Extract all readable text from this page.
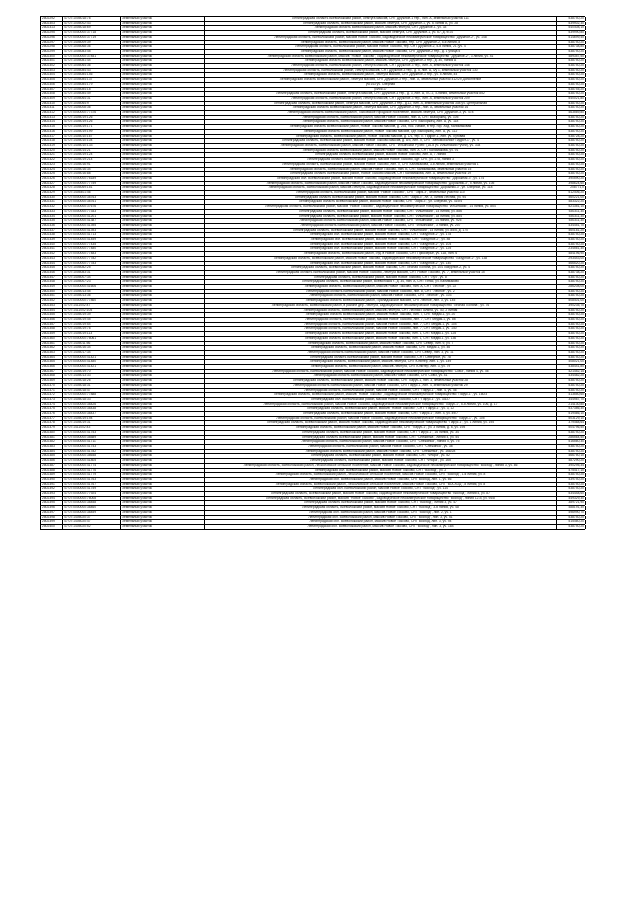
2802292	47:07:1005018:78	Земельный участок	Ленинградская область Всеволожский район, Лемтуга массив, СНТ Дружное-1 тер., лин. А, земельный участок 111	538740,20
2802303	47:07:1005002:43	Земельный участок	Ленинградская область, Всеволожский район, массив Лемтуга, СНТ Дружное-1, уч. 6 Линия A, уч. 28	539902,30
2802313	47:07:1005018:69	Земельный участок	Ленинградская область Всеволожский район, массив Лемтуга, СНТ Дружное-1, уч. 33	540408,10
2802295	47:07:0000000:37718	Земельный участок	Ленинградская область, Всеволожский район, массив Лемтуга, СНТ Дружное-1, уч. 67, д. 9/14	539990,80
2802296	47:07:0000000:37719	Земельный участок	Ленинградская область, Всеволожский район, массив Новое Токсово, садоводческое некоммерческое товарищество "Дружное-2", уч. 148	514699,40
2802297	47:07:1405009:39	Земельный участок	Ленинградская область, Всеволожский район, массив Новое Токсово, тер. СНТ Дружное-2, 5-я линия, 8	538740,20
2802298	47:07:1005068:36	Земельный участок	Ленинградская область, Всеволожский район, массив Новое Токсово, тер. СНТ Дружное-2, 5-я линия, 21 (уч. 4	538738,80
2802299	47:07:1005083:45	Земельный участок	Ленинградская область, Всеволожский район, массив Новое Токсово, СНТ Дружное-2 тер., д. 1 улица 5	538740,20
2802300	47:07:0000000:37841	Земельный участок	Ленинградская область Всеволожский район, массив "Новое Токсово", садоводческое некоммерческое товарищество "Дружное-2", 3 линия, уч. 41	489357,50
2802301	47:07:1005081:44	Земельный участок	Ленинградская область Всеволожский район, массив Лемтуга, СНТ Дружное-3 тер., д. 30, линия А	538740,20
2802302	47:07:1005064:36	Земельный участок	Ленинградская область, Всеволожский район, Лемтуга массив, СНТ Дружное-3 тер., лин. А, земельный участок 148	538740,20
2802303	47:07:1005084:43	Земельный участок	Ленинградская область, Всеволожский район, Лемтуга массив, СНТ Дружное-3 тер., д. 5, лин. А, з/у 1, земельный участок 130	538740,20
2802304	47:07:1005084:146	Земельный участок	Ленинградская область, Всеволожский район, Лемтуга массив, СНТ Дружное-3 тер., уч. 5 линия, 44	538740,20
2802305	47:07:1005084:137	Земельный участок	Ленинградская область Всеволожский район, Лемтуга массив, СНТ Дружное-3 тер., лин. А, земельный участок 412/29 Дополнение	538740,20
2802306	47:07:1005084:179	Земельный участок	уч/143 уч. Озерная	538740,20
2802307	47:07:1005084:18	Земельный участок	уч/94/17	538745,20
2802308	47:07:1005084:49	Земельный участок	Ленинградская область, Всеволожский район, Лемтуга массив, СНТ Дружное-3 тер., д. 3, лин. А, ПС 2, з-линия, земельный участок 852	538740,20
2802309	47:07:1005064:31	Земельный участок	Ленинградская область, Всеволожский район, Лемтуга массив, СНТ Дружное-3 тер., лин. А, земельный участок 209	540021,80
2802310	47:07:1005064:9	Земельный участок	Ленинградская область, Всеволожский район, Лемтуга массив, СНТ Дружное-3 тер., д.12, лин. А, земельный участок 308 уч. Центральная	538740,20
2802311	47:07:1405008:36	Земельный участок	Ленинградская область Всеволожский район, Лемтуга массив, СНТ Дружное-3 тер., лин. А, земельный участок 16	538740,20
2802312	47:07:0000000:77376	Земельный участок	Ленинградская область Всеволожский район, Токсовское городское поселение, массив Лемтуга, СНТ Дружное-3, уч. 478	463569,80
2802313	47:07:1405019:126	Земельный участок	Ленинградская область, Всеволожский район, массив Новое Токсово, лин. А, СНТ Выборжец, уч. 105	538740,20
2802314	47:07:1405019:126	Земельный участок	Ленинградская область, Всеволожский район, массив Новое Токсово, СНТ Выборжец, лин. А, уч. 118	538740,20
2802315	47:07:1405019:171	Земельный участок	Ленинградская область Всеволожский район, Новое Токсово массив, д. 254, пос. Ламин, в тер. гор. Ход. Калимаковая	538740,20
2802316	47:07:1405019:199	Земельный участок	Ленинградская область Всеволожский район, Новое Токсово массив, сдт. Выборжец, лин. А, уч. 112	538740,20
2802317	47:07:1405010:167	Земельный участок	Ленинградская область, Всеволожский район, Новое Токсово массив, д. 1/1, тер. Л. Гидрот-1, лин. уч. Луговая	538728,20
2802318	47:07:1405010:104	Земельный участок	Ленинградская область, Всеволожский район, массив Новое Токсово массив, д. 8/4, лин. Л, СНТ "Автомобилист Гидрот-1", уч. 4	538740,20
2802319	47:07:1405010:133	Земельный участок	Ленинградская область, Всеволожский район, массив Новое Токсово, СНТ "Ильинский Ручей" (16-я уч. Ильинский Ручей), уч. 334	538740,20
2802320	47:07:1405014:21	Земельный участок	Ленинградская область Всеволожский район, массив Новое Токсово, лин. А, СНТ Калимакова, уч. 91	538740,20
2802321	47:07:1405019:124	Земельный участок	Ленинградская область Всеволожский район, массив Новое Токсово, лин. А, 7 Линия	538740,20
2802322	47:07:1405019:214	Земельный участок	Ленинградская область Всеволожский район, массив Новое Токсово, сдт. СНТ, уч. 278, линия 3	538740,20
2802323	47:07:1405016:91	Земельный участок	Ленинградская область, Всеволожский район, массив Новое Токсово, лин. Л, СНТ Калимакова, 3-я линия, земельный участок 1	538740,20
2802324	47:07:1405016:34	Земельный участок	Ленинградская область, Всеволожский район, массив Новое Токсово, лин. В, СНТ Калимакова, земельный участок 15	538740,20
2802325	47:07:1405016:88	Земельный участок	Ленинградская область Всеволожский район, Новое Токсово массив, СНТ Калимакова, лин. А, земельный участок 19	538740,20
2802326	47:07:0000000:78189	Земельный участок	Ленинградская обл. Всеволожский район, массив Новое Токсово, садоводческое некоммерческое товарищество "Дорожник-3", уч. 174	390590,20
2802327	47:07:0000000:77759	Земельный участок	Ленинградская область, Всеволожский район, массив Новое Токсово, садоводческое некоммерческое товарищество "Дорожник-3", 5 линия, уч. 105	398624,60
2802328	47:07:1005069:151	Земельный участок	Ленинградская область, Всеволожский район, массив Лемтуга, садоводческое некоммерческое товарищество "Дорожник-3", ул. Озерной, уч. 118	208771,0
2802329	47:07:1405401:46	Земельный участок	Ленинградская область, Всеволожский район, массив "Новое Токсово", СНТ "Заря-3", земельный участок 110	512406,20
2802330	47:07:0000000:38763	Земельный участок	Ленинградская область Всеволожский район, массив Новое Токсово, СНТ "Заря-3", лл. 3, Линия Лесная, уч. 94	460221,00
2802331	47:07:0000000:38761	Земельный участок	Ленинградская область Всеволожский район, массив Новое Токсово, СНТ "Заря-3", ул. Озерная, уч. 419/4	483322,20
2802332	47:07:0000000:37676	Земельный участок	Ленинградская область, Всеволожский район, массив "Новое Токсово", садоводческое некоммерческое товарищество "Ильинский", 14 линия, уч. 854	521351,10
2802333	47:07:0000000:77343	Земельный участок	Ленинградская область, Всеволожский район, массив Новое Токсово, СНТ "Ильинский", 14 линия, уч. 886	530311,30
2802334	47:07:0000000:41201	Земельный участок	Ленинградская область, Всеволожский район, массив Новое Токсово, СНТ "Ильинский", 18 линия, уч. 884	530311,30
2802335	47:07:0000000:41387	Земельный участок	Ленинградская область Всеволожский район, массив Новое Токсово, СНТ "Ильинский", 14 линия, уч. 925	530311,30
2802336	47:07:0000000:41395	Земельный участок	Ленинградская область Всеволожский район, массив Новое Токсово, СНТ "Ильинский", 3 линия, уч. 207	434451,70
2802337	47:07:0000000:41393	Земельный участок	Ленинградская область, Всеволожский район, массив Новое Токсово, СНТ "Ильинский", 14 линия, уч. 85/5, д. 170	460181,20
2802338	47:07:0000000:41713	Земельный участок	Ленинградская обл. Всеволожский район, массив Новое Токсово, СНТ "Лазурное-2", уч. 178	538740,20
2802339	47:07:0000000:41459	Земельный участок	Ленинградская обл. Всеволожский район, массив Новое Токсово, СНТ "Лазурное-2", уч. 85	538740,20
2802340	47:07:0000000:77435	Земельный участок	Ленинградская обл. Всеволожский район, массив Новое Токсово, СНТ "Лазурное-2", уч. 104	538740,20
2802341	47:07:0000000:77480	Земельный участок	Ленинградская обл. Всеволожский район, массив Новое Токсово, СНТ "Лазурное-2", уч. 125	234561,30
2802342	47:07:0000000:77483	Земельный участок	Ленинградская область, Всеволожский район, отд. в Новое Токсово, СНТ Приозерье, уч. 118, лин. 6	484196,90
2802343	47:07:0000000:77782	Земельный участок	Ленинградская область, Всеволожский район, массив Новое Токсово, садоводческое некоммерческое товарищество "Лазурное-2", уч. 138	293443,00
2802344	47:07:0000000:77783	Земельный участок	Ленинградская обл. Всеволожский район, массив Новое Токсово, СНТ "Лазурное-2", уч. 140	466520,20
2802345	47:07:1005082:25	Земельный участок	Ленинградская область, Всеволожский район, массив Новое Токсово, СНТ Лесная Поляна, уч. 104 Лазурное-2, уч. 4	538740,20
2802346	47:07:1005083:31	Земельный участок	Ленинградская область Всеволожский район, массив Новое Токсово, Лемтуга массив, СНТ Новое Токсово, уч. 7, земельный участок 15	538738,20
2802347	47:07:1405007:34	Земельный участок	Ленинградская область, Всеволожский район, массив Новое Токсово, СНТ "Луч", уч. 8	538740,20
2802348	47:07:1405007:23	Земельный участок	Ленинградская область, Всеволожский район, Всеволожск г., д. 34, лин. A, СНТ Гитас, уч. Калимаково	538740,20
2802349	47:07:0000000:41606	Земельный участок	Ленинградская область, Всеволожский район, массив Новое Токсово, лин. A, СНТ "Лесное", уч. 22	286208,00
2802350	47:07:1405013:45	Земельный участок	Ленинградская область Всеволожский район, массив Новое Токсово, лин. 8, СНТ "Лесное", уч. 2	538740,20
2802351	47:07:1005013:36	Земельный участок	Ленинградская область, Всеволожский район, массив Новое Токсово, СНТ "Лесное", уч. 103	538740,20
2802352	47:07:0000000:77860	Земельный участок	Ленинградская область Всеволожский район, Приладожское массив, СНТ Лесное, лин. 3, уч. 145	508401,00
2802353	47:07:1411002:47	Земельный участок	Ленинградская область, Всеволожский район, в районе дер. Лемтуга, садоводческое некоммерческое товарищество "Лесная Поляна", уч. 76	390235,70
2802354	47:07:1411002:105	Земельный участок	Ленинградская область, Всеволожский район, массив Лемтуга, СНТ Лесная Поляна, уч. 40, 2 линия	538740,20
2802355	47:07:1405019:39	Земельный участок	Ленинградская область Всеволожский район, массив Новое Токсово, лин. 7, СНТ Медик-1, уч. 20	538740,20
2802356	47:07:1405019:45	Земельный участок	Ленинградская область, Всеволожский район, массив Новое Токсово, лин. 7, СНТ Медик-1, уч. 86	538740,20
2802357	47:07:1405019:54	Земельный участок	Ленинградская область, Всеволожский район, массив Новое Токсово, лин. 7, СНТ Медик-1, уч. 104	538740,20
2802358	47:07:1405019:78	Земельный участок	Ленинградская область, Всеволожский район, массив Новое Токсово, лин. 7, СНТ Медик-1, уч. 140	538740,20
2802359	47:07:1405019:113	Земельный участок	Ленинградская область Всеволожский район, массив Новое Токсово, лин. 1, СНТ Медик-1, уч. 125	538740,20
2802360	47:07:0000000:78061	Земельный участок	Ленинградская область Всеволожский район, массив Новое Токсово, лин. 1, СНТ Медик-1, уч. 136	538740,20
2802361	47:07:1405011:56	Земельный участок	Ленинградская область, Всеволожский район, массив Новое Токсово, СНТ Север, лин. 9, уч. 7	538740,20
2802362	47:07:1405016:34	Земельный участок	Ленинградская область, Всеволожский район, массив Новое Токсово, СНТ Медик-1, уч. 46	538740,20
2802363	47:07:1405017:34	Земельный участок	Ленинградская область Всеволожский район, массив Новое Токсово, СНТ Север, лин. 3, уч. 11	538740,20
2802364	47:07:0000000:41421	Земельный участок	Ленинградская область Всеволожский район, массив Новое Токсово, СНТ Северное, уч. 78	538740,20
2802365	47:07:0000000:41480	Земельный участок	Ленинградская область, Всеволожский район, массив Лемтуга, СНТ Юпитер, лин. 1, уч. 149	408021,00
2802366	47:07:0000000:41421	Земельный участок	Ленинградская область, Всеволожский район, массив Лемтуга, СНТ Юпитер, лин. 3, уч. 79	438441,80
2802367	47:07:1405019:70	Земельный участок	Ленинградская область, Всеволожский район, массив Новое Токсово, садоводческое некоммерческое товарищество "Союз", линия 4, уч. 46	421452,15
2802368	47:07:1405013:33	Земельный участок	Ленинградская область Всеволожский район, массив Новое Токсово, СНТ Союз, уч. 41	434482,20
2802369	47:07:1405018:26	Земельный участок	Ленинградская область, Всеволожский район, массив Новое Токсово, СНТ Парус-1, лин. 3, земельный участок 28	538740,20
2802370	47:07:1405018:31	Земельный участок	Ленинградская область Всеволожский район, массив Новое Токсово, СНТ Парус-1, лин. 4, земельный участок 29	538740,20
2802371	47:07:1405018:47	Земельный участок	Ленинградская область, Всеволожский район, массив Новое Токсово, СНТ "Парус-1", лин. 4, уч. 46	538740,20
2802372	47:07:0000000:77888	Земельный участок	Ленинградская область, Всеволожский район, массив "Новое Токсово", садоводческое некоммерческое товарищество "Парус-1", уч. 160/3	413550,60
2802373	47:07:1405018:33	Земельный участок	Ленинградская обл. Всеволожский район, массив Новое Токсово, СНТ "Парус-1", уч. 33/27	344987,70
2802374	47:07:0000000:38426	Земельный участок	Ленинградская область, Всеволожский район, массив Новое Токсово, садоводческое некоммерческое товарищество "Парус-1", 5-я линия, уч. 106, д. 17	214130,80
2802375	47:07:0000000:38438	Земельный участок	Ленинградская область, Всеволожский район, массив "Новое Токсово", СНТ "Парус-1", уч. 3, 12	537386,30
2802376	47:07:0000000:38437	Земельный участок	Ленинградская область, Всеволожский район, массив Новое Токсово, СНТ "Парус-1", лин. 4, уч. 49/7	519466,10
2802377	47:07:1405019:194	Земельный участок	Ленинградская область, Всеволожский район, массив Новое Токсово, садоводческое некоммерческое товарищество "Парус-1", уч. 105	503129,10
2802378	47:07:1405019:31	Земельный участок	Ленинградская область, Всеволожский район, массив Новое Токсово, садоводческое некоммерческое товарищество "Парус-1", уч. 1 линия, уч. 195	379468,64
2802379	47:07:1411002:43	Земельный участок	Ленинградская область, Всеволожский район, массив Новое Токсово, СНТ "Парус-1", уч. 3 линия, д. 6, уч. 195	504796,50
2802380	47:07:0000000:41753	Земельный участок	Ленинградская область, Всеволожский район, массив Новое Токсово, СНТ "Парус-1", 16 линия, уч. 34	538740,20
2802381	47:07:0000000:38589	Земельный участок	Ленинградская область Всеволожский район, массив Новое Токсово, СНТ "Снежинка", линия 4, уч. 54	286564,50
2802382	47:07:0000000:41711	Земельный участок	Ленинградская область, Всеволожский район, массив Новое Токсово, СНТ "Снежинка", линия 4, уч. 75	516560,30
2802383	47:07:0000000:41743	Земельный участок	Ленинградская область, Всеволожский район, массив Новое Токсово, СНТ "Снежинка", уч. 38	538740,20
2802384	47:07:0000000:41782	Земельный участок	Ленинградская область Всеволожский район, массив Новое Токсово, СНТ "Снежинка", уч. 168/28	538740,20
2802385	47:07:0000000:38648	Земельный участок	Ленинградская область, Всеволожский район, массив Новое Токсово, СНТ "Флора", уч. 52	466750,10
2802386	47:07:0000000:41805	Земельный участок	Ленинградская область, Всеволожский район, массив Новое Токсово, СНТ "Флора", уч. 165	487290,20
2802387	47:07:0000000:41774	Земельный участок	Ленинградская область, Всеволожский район, Лесколовское сельское поселение, массив Новое Токсово, садоводческое некоммерческое товарищество "Восход", линия 3, уч. 86	390295,34
2802388	47:07:0000000:41776	Земельный участок	Ленинградская обл. Всеволожский район, массив Новое Токсово, СНТ "Восход", уч. 2	475417,10
2802389	47:07:0000000:41779	Земельный участок	Ленинградская область, Всеволожский район, Лесколовское сельское поселение, массив Новое Токсово, СНТ "Восход", 1-я линия, уч. 8	538740,20
2802390	47:07:0000000:41763	Земельный участок	Ленинградская обл. Всеволожский район, массив Новое Токсово, СНТ Восход, лин. 1, уч. 66	439740,20
2802391	47:07:0000000:41767	Земельный участок	Ленинградская область, Всеволожский район, Лесколовское сельское поселение, массив Новое Токсово, СНТ "ВОСХОД", 8 линия, уч. 8	538740,20
2802392	47:07:0000000:41759	Земельный участок	Ленинградская обл. Всеволожский район, массив Новое Токсово, СНТ "Восход", уч. 114	538740,20
2802393	47:07:0000000:77924	Земельный участок	Ленинградская область, Всеволожский район, массив Новое Токсово, садоводческое некоммерческое товарищество "Восход", линия 4, уч. 87	534448,60
2802394	47:07:0000000:78008	Земельный участок	Ленинградская область, Всеволожский район, массив "Новое Токсово", садоводческое некоммерческое товарищество "Восход", линия 12-й, уч. 94/8	449329,30
2802395	47:07:0000000:38458	Земельный участок	Ленинградская область Всеволожский район, массив Новое Токсово, СНТ "Восход", линия 3, уч. 47	389721,90
2802396	47:07:0000000:38460	Земельный участок	Ленинградская область, Всеволожский район, массив Новое Токсово, СНТ "Восход", 3-я линия, уч. 48	488191,30
2802397	47:07:0000000:38459	Земельный участок	Ленинградская обл. Всеволожский район, массив Новое Токсово, СНТ "Восход", лин. 2, уч. 1	496990,70
2802398	47:07:1405020:37	Земельный участок	Ленинградская обл. Всеволожский район, массив Новое Токсово, СНТ "Восход", лин. 3, уч. 51	538740,20
2802399	47:07:1405020:47	Земельный участок	Ленинградская обл. Всеволожский район, массив Новое Токсово, СНТ Восход, лин. 3, уч. 94	515460,20
2802400	47:07:1405020:52	Земельный участок	Ленинградская обл. Всеволожский район, массив Новое Токсово, СНТ "Восход", лин. 3, уч. 184	538740,20
